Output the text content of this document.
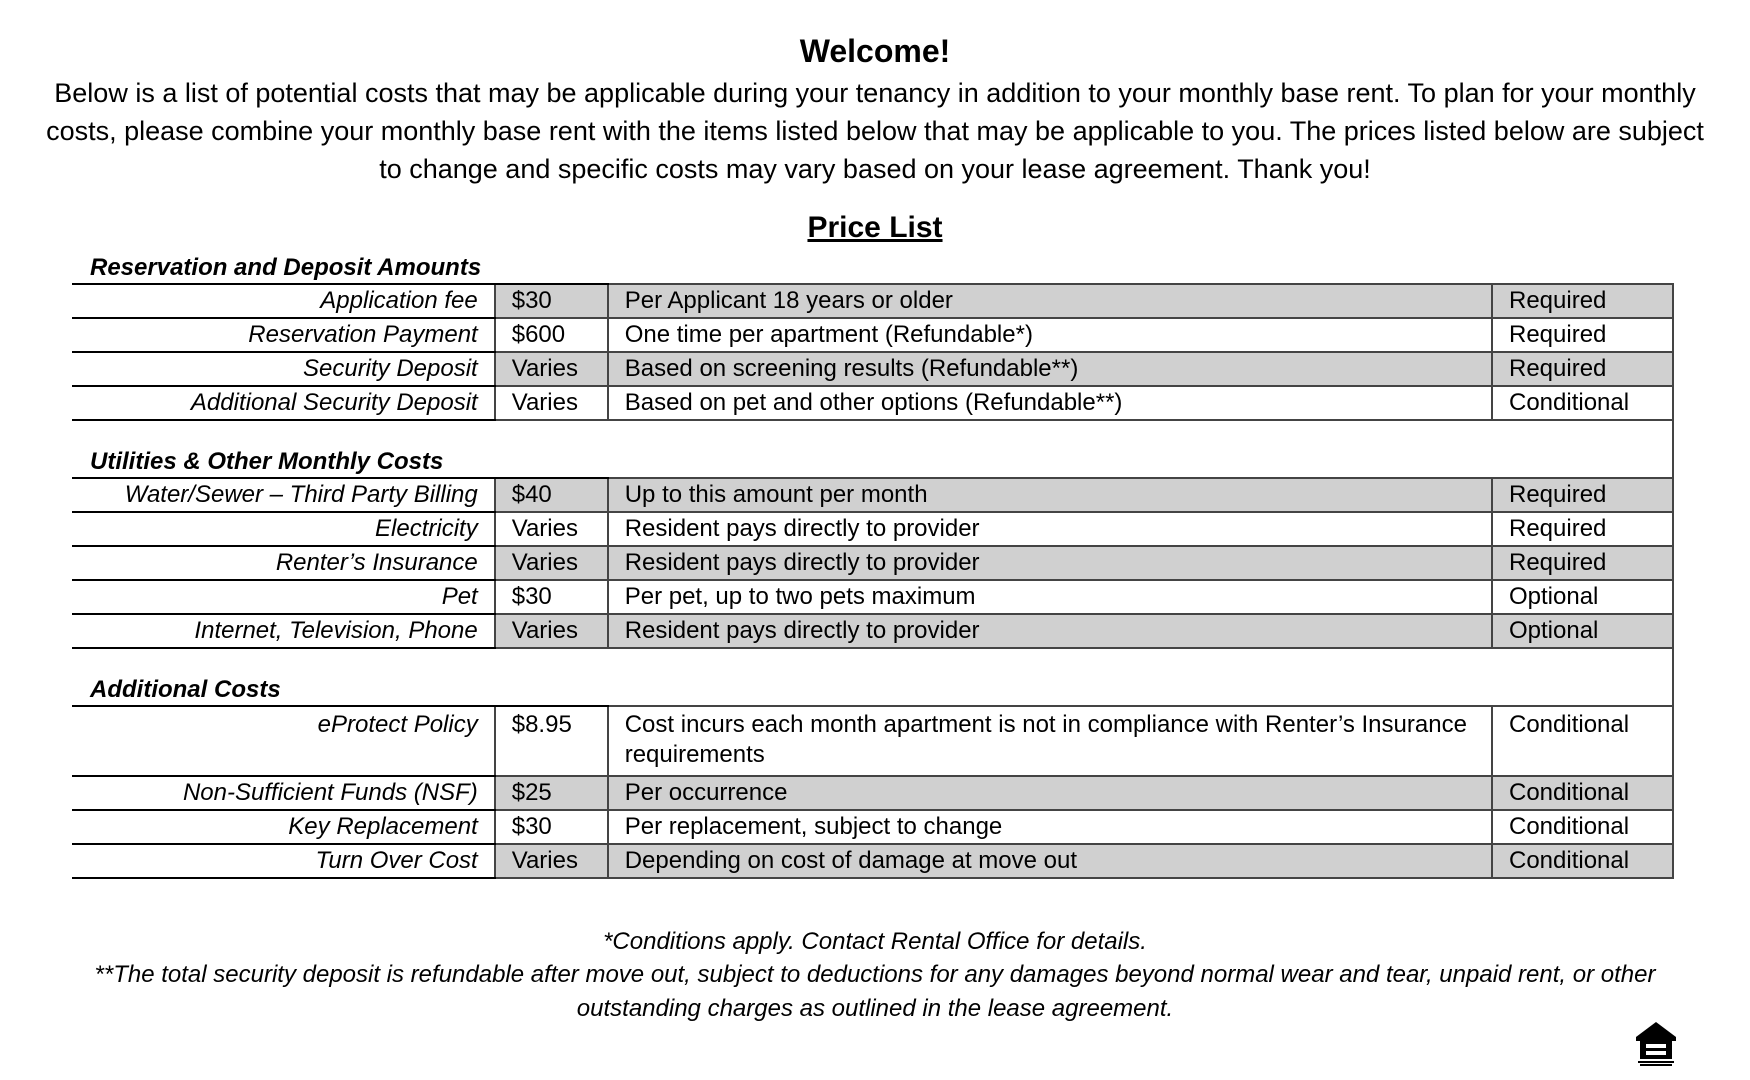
Welcome!
Below is a list of potential costs that may be applicable during your tenancy in addition to your monthly base rent. To plan for your monthly costs, please combine your monthly base rent with the items listed below that may be applicable to you. The prices listed below are subject to change and specific costs may vary based on your lease agreement. Thank you!
Price List
Reservation and Deposit Amounts			
Application fee	$30	Per Applicant 18 years or older	Required
Reservation Payment	$600	One time per apartment (Refundable*)	Required
Security Deposit	Varies	Based on screening results (Refundable**)	Required
Additional Security Deposit	Varies	Based on pet and other options (Refundable**)	Conditional

Utilities & Other Monthly Costs			
Water/Sewer – Third Party Billing	$40	Up to this amount per month	Required
Electricity	Varies	Resident pays directly to provider	Required
Renter’s Insurance	Varies	Resident pays directly to provider	Required
Pet	$30	Per pet, up to two pets maximum	Optional
Internet, Television, Phone	Varies	Resident pays directly to provider	Optional

Additional Costs			
eProtect Policy	$8.95	Cost incurs each month apartment is not in compliance with Renter’s Insurance requirements	Conditional
Non-Sufficient Funds (NSF)	$25	Per occurrence	Conditional
Key Replacement	$30	Per replacement, subject to change	Conditional
Turn Over Cost	Varies	Depending on cost of damage at move out	Conditional
*Conditions apply. Contact Rental Office for details.
**The total security deposit is refundable after move out, subject to deductions for any damages beyond normal wear and tear, unpaid rent, or other outstanding charges as outlined in the lease agreement.
